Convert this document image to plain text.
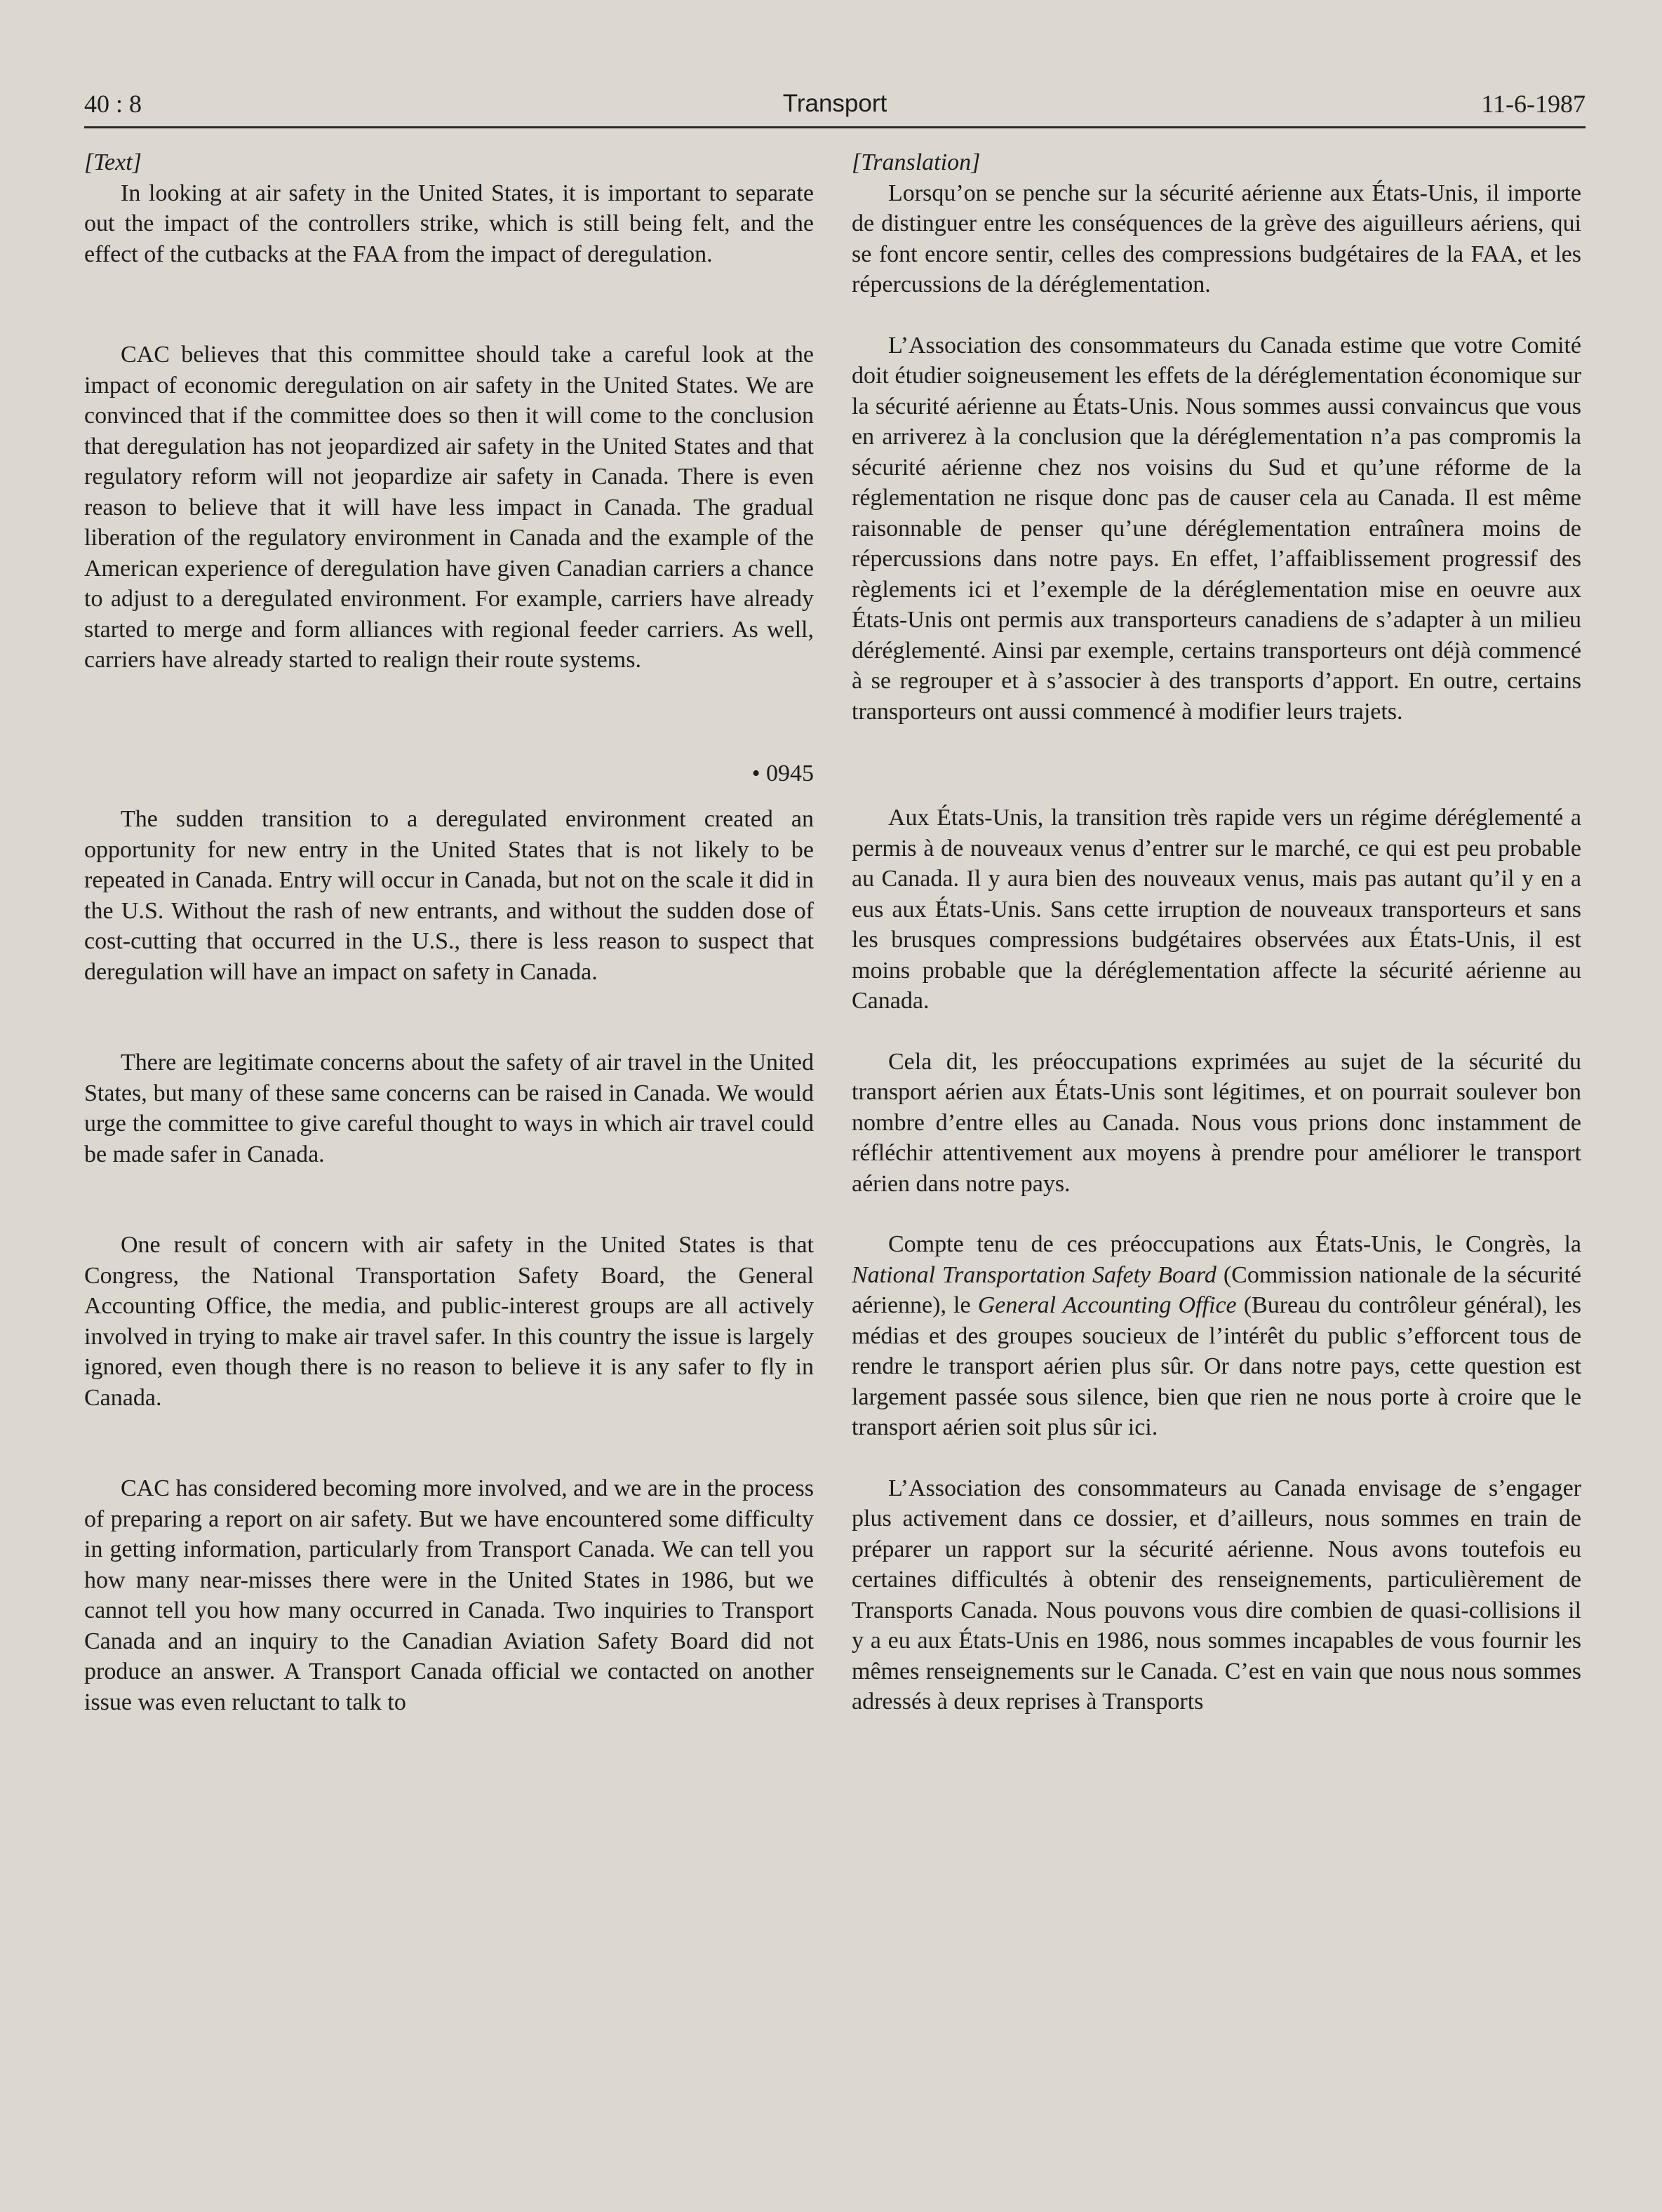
40 : 8	Transport	11-6-1987

[Text]

In looking at air safety in the United States, it is important to separate out the impact of the controllers strike, which is still being felt, and the effect of the cutbacks at the FAA from the impact of deregulation.

CAC believes that this committee should take a careful look at the impact of economic deregulation on air safety in the United States. We are convinced that if the committee does so then it will come to the conclusion that deregulation has not jeopardized air safety in the United States and that regulatory reform will not jeopardize air safety in Canada. There is even reason to believe that it will have less impact in Canada. The gradual liberation of the regulatory environment in Canada and the example of the American experience of deregulation have given Canadian carriers a chance to adjust to a deregulated environment. For example, carriers have already started to merge and form alliances with regional feeder carriers. As well, carriers have already started to realign their route systems.

• 0945

The sudden transition to a deregulated environment created an opportunity for new entry in the United States that is not likely to be repeated in Canada. Entry will occur in Canada, but not on the scale it did in the U.S. Without the rash of new entrants, and without the sudden dose of cost-cutting that occurred in the U.S., there is less reason to suspect that deregulation will have an impact on safety in Canada.

There are legitimate concerns about the safety of air travel in the United States, but many of these same concerns can be raised in Canada. We would urge the committee to give careful thought to ways in which air travel could be made safer in Canada.

One result of concern with air safety in the United States is that Congress, the National Transportation Safety Board, the General Accounting Office, the media, and public-interest groups are all actively involved in trying to make air travel safer. In this country the issue is largely ignored, even though there is no reason to believe it is any safer to fly in Canada.

CAC has considered becoming more involved, and we are in the process of preparing a report on air safety. But we have encountered some difficulty in getting information, particularly from Transport Canada. We can tell you how many near-misses there were in the United States in 1986, but we cannot tell you how many occurred in Canada. Two inquiries to Transport Canada and an inquiry to the Canadian Aviation Safety Board did not produce an answer. A Transport Canada official we contacted on another issue was even reluctant to talk to

[Translation]

Lorsqu’on se penche sur la sécurité aérienne aux États-Unis, il importe de distinguer entre les conséquences de la grève des aiguilleurs aériens, qui se font encore sentir, celles des compressions budgétaires de la FAA, et les répercussions de la déréglementation.

L’Association des consommateurs du Canada estime que votre Comité doit étudier soigneusement les effets de la déréglementation économique sur la sécurité aérienne au États-Unis. Nous sommes aussi convaincus que vous en arriverez à la conclusion que la déréglementation n’a pas compromis la sécurité aérienne chez nos voisins du Sud et qu’une réforme de la réglementation ne risque donc pas de causer cela au Canada. Il est même raisonnable de penser qu’une déréglementation entraînera moins de répercussions dans notre pays. En effet, l’affaiblissement progressif des règlements ici et l’exemple de la déréglementation mise en oeuvre aux États-Unis ont permis aux transporteurs canadiens de s’adapter à un milieu déréglementé. Ainsi par exemple, certains transporteurs ont déjà commencé à se regrouper et à s’associer à des transports d’apport. En outre, certains transporteurs ont aussi commencé à modifier leurs trajets.

Aux États-Unis, la transition très rapide vers un régime déréglementé a permis à de nouveaux venus d’entrer sur le marché, ce qui est peu probable au Canada. Il y aura bien des nouveaux venus, mais pas autant qu’il y en a eus aux États-Unis. Sans cette irruption de nouveaux transporteurs et sans les brusques compressions budgétaires observées aux États-Unis, il est moins probable que la déréglementation affecte la sécurité aérienne au Canada.

Cela dit, les préoccupations exprimées au sujet de la sécurité du transport aérien aux États-Unis sont légitimes, et on pourrait soulever bon nombre d’entre elles au Canada. Nous vous prions donc instamment de réfléchir attentivement aux moyens à prendre pour améliorer le transport aérien dans notre pays.

Compte tenu de ces préoccupations aux États-Unis, le Congrès, la National Transportation Safety Board (Commission nationale de la sécurité aérienne), le General Accounting Office (Bureau du contrôleur général), les médias et des groupes soucieux de l’intérêt du public s’efforcent tous de rendre le transport aérien plus sûr. Or dans notre pays, cette question est largement passée sous silence, bien que rien ne nous porte à croire que le transport aérien soit plus sûr ici.

L’Association des consommateurs au Canada envisage de s’engager plus activement dans ce dossier, et d’ailleurs, nous sommes en train de préparer un rapport sur la sécurité aérienne. Nous avons toutefois eu certaines difficultés à obtenir des renseignements, particulièrement de Transports Canada. Nous pouvons vous dire combien de quasi-collisions il y a eu aux États-Unis en 1986, nous sommes incapables de vous fournir les mêmes renseignements sur le Canada. C’est en vain que nous nous sommes adressés à deux reprises à Transports
